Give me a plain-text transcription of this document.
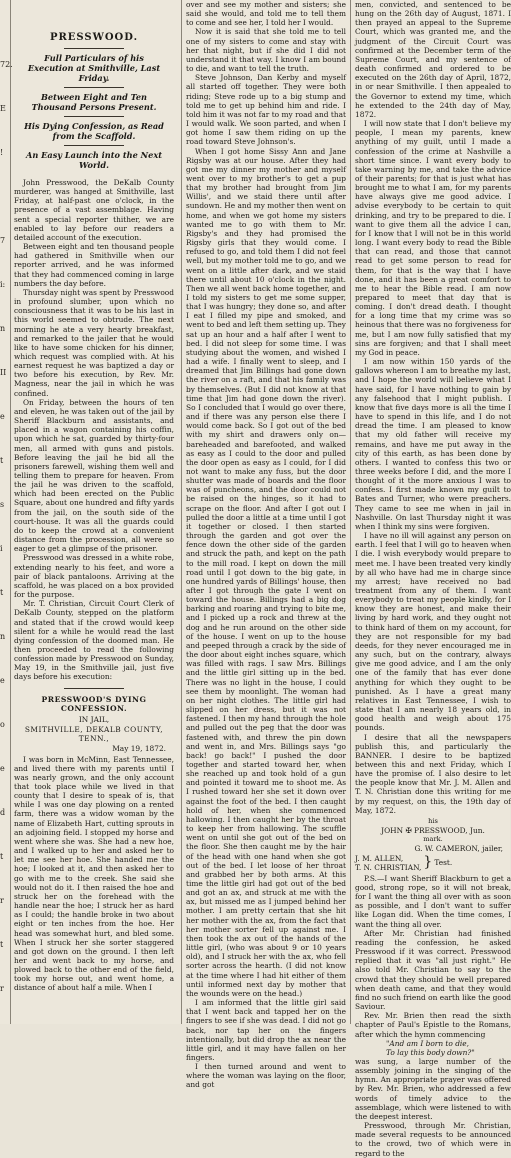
72.
E
!
7
i:
n
II
e
t
s
i
t
n
e
o
e
d
t
r
t
r
PRESSWOOD.
Full Particulars of his Execution at Smithville, Last Friday.
Between Eight and Ten Thousand Persons Present.
His Dying Confession, as Read from the Scaffold.
An Easy Launch into the Next World.

John Presswood, the DeKalb County murderer, was hanged at Smithville, last Friday, at half-past one o'clock, in the presence of a vast assemblage. Having sent a special reporter thither, we are enabled to lay before our readers a detailed account of the execution.

Between eight and ten thousand people had gathered in Smithville when our reporter arrived, and he was informed that they had commenced coming in large numbers the day before.

Thursday night was spent by Presswood in profound slumber, upon which no consciousness that it was to be his last in this world seemed to obtrude. The next morning he ate a very hearty breakfast, and remarked to the jailer that he would like to have some chicken for his dinner, which request was complied with. At his earnest request he was baptized a day or two before his execution, by Rev. Mr. Magness, near the jail in which he was confined.

On Friday, between the hours of ten and eleven, he was taken out of the jail by Sheriff Blackburn and assistants, and placed in a wagon containing his coffin, upon which he sat, guarded by thirty-four men, all armed with guns and pistols. Before leaving the jail he bid all the prisoners farewell, wishing them well and telling them to prepare for heaven. From the jail he was driven to the scaffold, which had been erected on the Public Square, about one hundred and fifty yards from the jail, on the south side of the court-house. It was all the guards could do to keep the crowd at a convenient distance from the procession, all were so eager to get a glimpse of the prisoner.

Presswood was dressed in a white robe, extending nearly to his feet, and wore a pair of black pantaloons. Arriving at the scaffold, he was placed on a box provided for the purpose.

Mr. T. Christian, Circuit Court Clerk of DeKalb County, stepped on the platform and stated that if the crowd would keep silent for a while he would read the last dying confession of the doomed man. He then proceeded to read the following confession made by Presswood on Sunday, May 19, in the Smithville jail, just five days before his execution:

PRESSWOOD'S DYING CONFESSION.
IN JAIL,
SMITHVILLE, DEKALB COUNTY, TENN.,
May 19, 1872.

I was born in McMinn, East Tennessee, and lived there with my parents until I was nearly grown, and the only account that took place while we lived in that county that I desire to speak of is, that while I was one day plowing on a rented farm, there was a widow woman by the name of Elizabeth Hart, cutting sprouts in an adjoining field. I stopped my horse and went where she was. She had a new hoe, and I walked up to her and asked her to let me see her hoe. She handed me the hoe; I looked at it, and then asked her to go with me to the creek. She said she would not do it. I then raised the hoe and struck her on the forehead with the handle near the hoe; I struck her as hard as I could; the handle broke in two about eight or ten inches from the hoe. Her head was somewhat hurt, and bled some. When I struck her she sorter staggered and got down on the ground. I then left her and went back to my horse, and plowed back to the other end of the field, took my horse out, and went home, a distance of about half a mile. When I

over and see my mother and sisters; she said she would, and told me to tell them to come and see her, I told her I would.

Now it is said that she told me to tell one of my sisters to come and stay with her that night, but if she did I did not understand it that way. I know I am bound to die, and want to tell the truth.

Steve Johnson, Dan Kerby and myself all started off together. They were both riding; Steve rode up to a big stump and told me to get up behind him and ride. I told him it was not far to my road and that I would walk. We soon parted, and when I got home I saw them riding on up the road toward Steve Johnson's.

When I got home Sissy Ann and Jane Rigsby was at our house. After they had got me my dinner my mother and myself went over to my brother's to get a pup that my brother had brought from Jim Willis', and we staid there until after sundown. He and my mother then went on home, and when we got home my sisters wanted me to go with them to Mr. Rigsby's and they had promised the Rigsby girls that they would come. I refused to go, and told them I did not feel well, but my mother told me to go, and we went on a little after dark, and we staid there until about 10 o'clock in the night. Then we all went back home together, and I told my sisters to get me some supper, that I was hungry; they done so, and after I eat I filled my pipe and smoked, and went to bed and left them setting up. They sat up an hour and a half after I went to bed. I did not sleep for some time. I was studying about the women, and wished I had a wife. I finally went to sleep, and I dreamed that Jim Billings had gone down the river on a raft, and that his family was by themselves. (But I did not know at that time that Jim had gone down the river). So I concluded that I would go over there, and if there was any person else there I would come back. So I got out of the bed with my shirt and drawers only on—bareheaded and barefooted, and walked as easy as I could to the door and pulled the door open as easy as I could, for I did not want to make any fuss, but the door shutter was made of boards and the floor was of puncheons, and the door could not be raised on the hinges, so it had to scrape on the floor. And after I got out I pulled the door a little at a time until I got it together or closed. I then started through the garden and got over the fence down the other side of the garden and struck the path, and kept on the path to the mill road. I kept on down the mill road until I got down to the big gate, in one hundred yards of Billings' house, then after I got through the gate I went on toward the house. Billings had a big dog barking and roaring and trying to bite me, and I picked up a rock and threw at the dog and he run around on the other side of the house. I went on up to the house and peeped through a crack by the side of the door about eight inches square, which was filled with rags. I saw Mrs. Billings and the little girl sitting up in the bed. There was no light in the house, I could see them by moonlight. The woman had on her night clothes. The little girl had slipped on her dress, but it was not fastened. I then my hand through the hole and pulled out the peg that the door was fastened with, and threw the pin down and went in, and Mrs. Billings says "go back! go back!" I pushed the door together and started toward her, when she reached up and took hold of a gun and pointed it toward me to shoot me. As I rushed toward her she set it down over against the foot of the bed. I then caught hold of her, when she commenced hallowing. I then caught her by the throat to keep her from hallowing. The scuffle went on until she got out of the bed on the floor. She then caught me by the hair of the head with one hand when she got out of the bed. I let loose of her throat and grabbed her by both arms. At this time the little girl had got out of the bed and got an ax, and struck at me with the ax, but missed me as I jumped behind her mother. I am pretty certain that she hit her mother with the ax, from the fact that her mother sorter fell up against me. I then took the ax out of the hands of the little girl, (who was about 9 or 10 years old), and I struck her with the ax, who fell sorter across the hearth. (I did not know at the time where I had hit either of them until informed next day by mother that the wounds were on the head.)

I am informed that the little girl said that I went back and tapped her on the fingers to see if she was dead. I did not go back, nor tap her on the fingers intentionally, but did drop the ax near the little girl, and it may have fallen on her fingers.

I then turned around and went to where the woman was laying on the floor, and got

men, convicted, and sentenced to be hung on the 26th day of August, 1871. I then prayed an appeal to the Supreme Court, which was granted me, and the judgment of the Circuit Court was confirmed at the December term of the Supreme Court, and my sentence of death confirmed and ordered to be executed on the 26th day of April, 1872, in or near Smithville. I then appealed to the Governor to extend my time, which he extended to the 24th day of May, 1872.

I will now state that I don't believe my people, I mean my parents, knew anything of my guilt, until I made a confession of the crime at Nashville a short time since. I want every body to take warning by me, and take the advice of their parents; for that is just what has brought me to what I am, for my parents have always give me good advice. I advise everybody to be certain to quit drinking, and try to be prepared to die. I want to give them all the advice I can, for I know that I will not be in this world long. I want every body to read the Bible that can read, and those that cannot read to get some person to read for them, for that is the way that I have done, and it has been a great comfort to me to hear the Bible read. I am now prepared to meet that day that is coming. I don't dread death. I thought for a long time that my crime was so heinous that there was no forgiveness for me, but I am now fully satisfied that my sins are forgiven; and that I shall meet my God in peace.

I am now within 150 yards of the gallows whereon I am to breathe my last, and I hope the world will believe what I have said, for I have nothing to gain by any falsehood that I might publish. I know that five days more is all the time I have to spend in this life, and I do not dread the time. I am pleased to know that my old father will receive my remains, and have me put away in the city of this earth, as has been done by others. I wanted to confess this two or three weeks before I did, and the more I thought of it the more anxious I was to confess. I first made known my guilt to Bates and Turner, who were preachers. They came to see me when in jail in Nashville. On last Thursday night it was when I think my sins were forgiven.

I have no ill will against any person on earth. I feel that I will go to heaven when I die. I wish everybody would prepare to meet me. I have been treated very kindly by all who have had me in charge since my arrest; have received no bad treatment from any of them. I want everybody to treat my people kindly, for I know they are honest, and make their living by hard work, and they ought not to think hard of them on my account, for they are not responsible for my bad deeds, for they never encouraged me in any such, but on the contrary, always give me good advice, and I am the only one of the family that has ever done anything for which they ought to be punished. As I have a great many relatives in East Tennessee, I wish to state that I am nearly 18 years old, in good health and weigh about 175 pounds.

I desire that all the newspapers publish this, and particularly the BANNER. I desire to be baptized between this and next Friday, which I have the promise of. I also desire to let the people know that Mr. J. M. Allen and T. N. Christian done this writing for me by my request, on this, the 19th day of May, 1872.

his
JOHN ✠ PRESSWOOD, Jun.
mark.
G. W. CAMERON, jailer,
J. M. ALLEN,
T. N. CHRISTIAN, } Test.

P.S.—I want Sheriff Blackburn to get a good, strong rope, so it will not break, for I want the thing all over with as soon as possible, and I don't want to suffer like Logan did. When the time comes, I want the thing all over.

After Mr. Christian had finished reading the confession, he asked Presswood if it was correct. Presswood replied that it was "all just right." He also told Mr. Christian to say to the crowd that they should be well prepared when death came, and that they would find no such friend on earth like the good Saviour.

Rev. Mr. Brien then read the sixth chapter of Paul's Epistle to the Romans, after which the hymn commencing

"And am I born to die,

To lay this body down?"

was sung, a large number of the assembly joining in the singing of the hymn. An appropriate prayer was offered by Rev. Mr. Brien, who addressed a few words of timely advice to the assemblage, which were listened to with the deepest interest.

Presswood, through Mr. Christian, made several requests to be announced to the crowd, two of which were in regard to the
